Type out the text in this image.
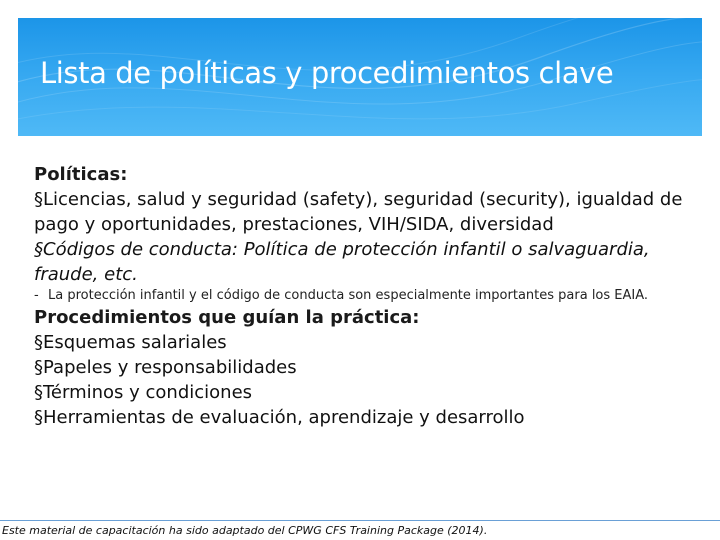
Lista de políticas y procedimientos clave

Políticas:

§ Licencias, salud y seguridad (safety), seguridad (security), igualdad de pago y oportunidades, prestaciones, VIH/SIDA, diversidad

§ Códigos de conducta: Política de protección infantil o salvaguardia, fraude, etc.

- La protección infantil y el código de conducta son especialmente importantes para los EAIA.

Procedimientos que guían la práctica:

§ Esquemas salariales

§ Papeles y responsabilidades

§ Términos y condiciones

§ Herramientas de evaluación, aprendizaje y desarrollo

Este material de capacitación ha sido adaptado del CPWG CFS Training Package (2014).
